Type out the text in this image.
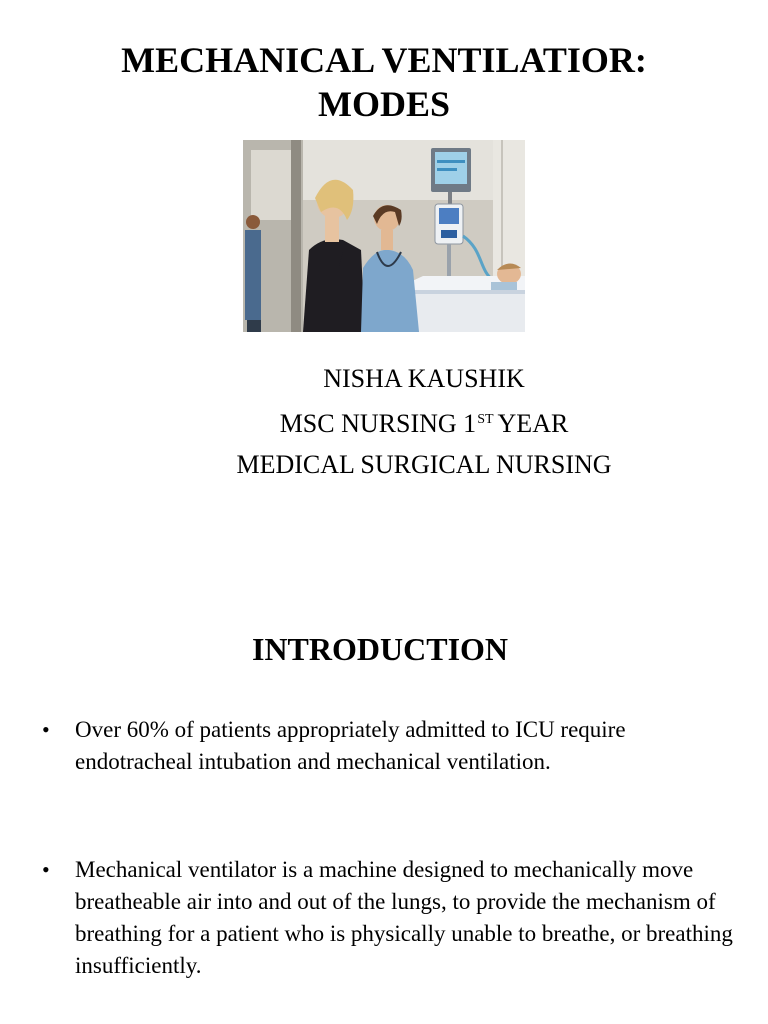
MECHANICAL VENTILATIOR:
MODES
NISHA KAUSHIK
MSC NURSING 1ST YEAR
MEDICAL SURGICAL NURSING
INTRODUCTION
• Over 60% of patients appropriately admitted to ICU require endotracheal intubation and mechanical ventilation.
• Mechanical ventilator is a machine designed to mechanically move breatheable air into and out of the lungs, to provide the mechanism of breathing for a patient who is physically unable to breathe, or breathing insufficiently.
